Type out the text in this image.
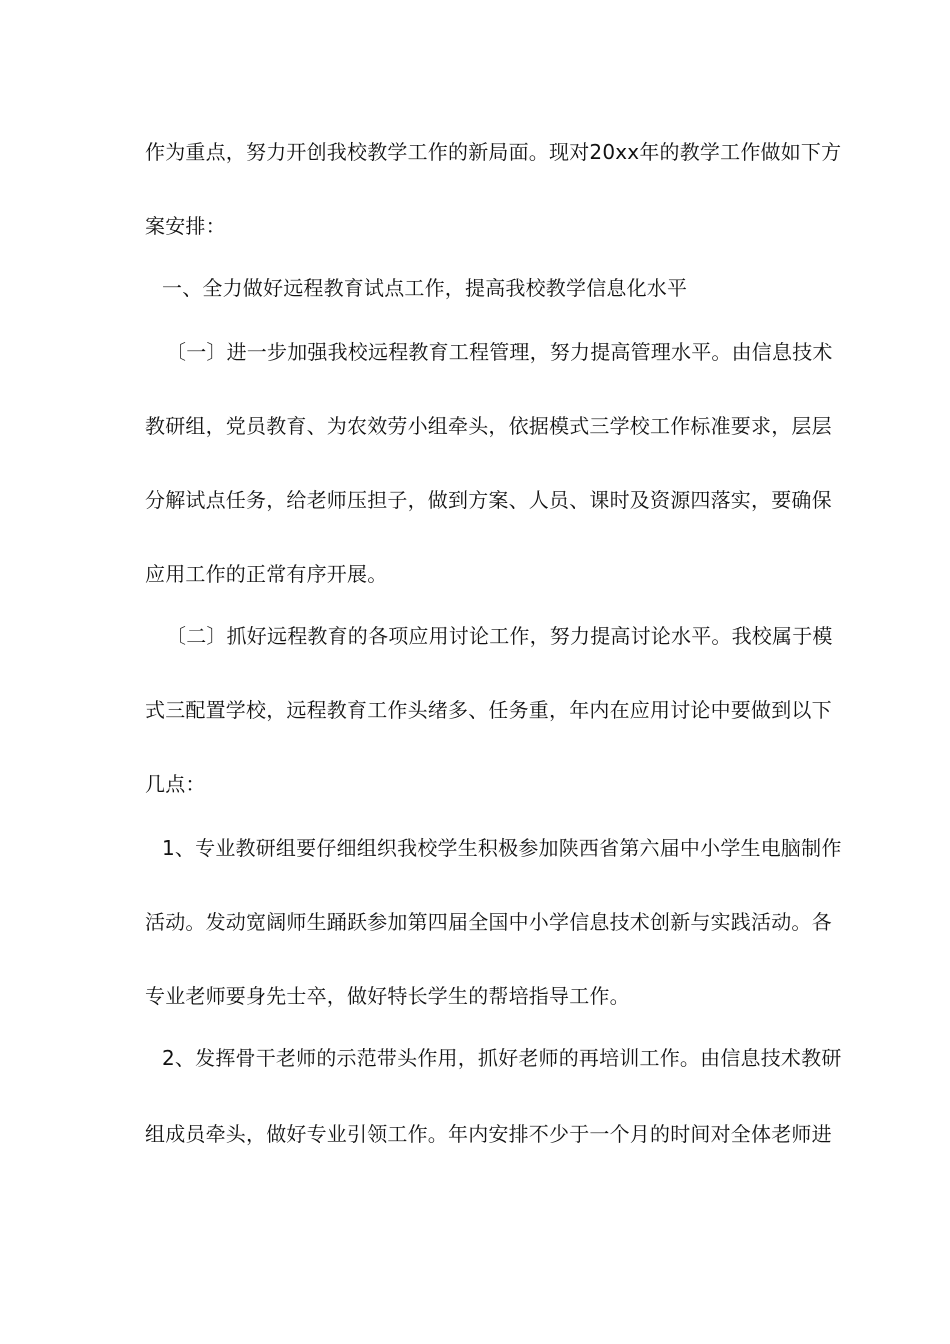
作为重点，努力开创我校教学工作的新局面。现对20xx年的教学工作做如下方
案安排：
一、全力做好远程教育试点工作，提高我校教学信息化水平
〔一〕进一步加强我校远程教育工程管理，努力提高管理水平。由信息技术
教研组，党员教育、为农效劳小组牵头，依据模式三学校工作标准要求，层层
分解试点任务，给老师压担子，做到方案、人员、课时及资源四落实，要确保
应用工作的正常有序开展。
〔二〕抓好远程教育的各项应用讨论工作，努力提高讨论水平。我校属于模
式三配置学校，远程教育工作头绪多、任务重，年内在应用讨论中要做到以下
几点：
1、专业教研组要仔细组织我校学生积极参加陕西省第六届中小学生电脑制作
活动。发动宽阔师生踊跃参加第四届全国中小学信息技术创新与实践活动。各
专业老师要身先士卒，做好特长学生的帮培指导工作。
2、发挥骨干老师的示范带头作用，抓好老师的再培训工作。由信息技术教研
组成员牵头，做好专业引领工作。年内安排不少于一个月的时间对全体老师进
